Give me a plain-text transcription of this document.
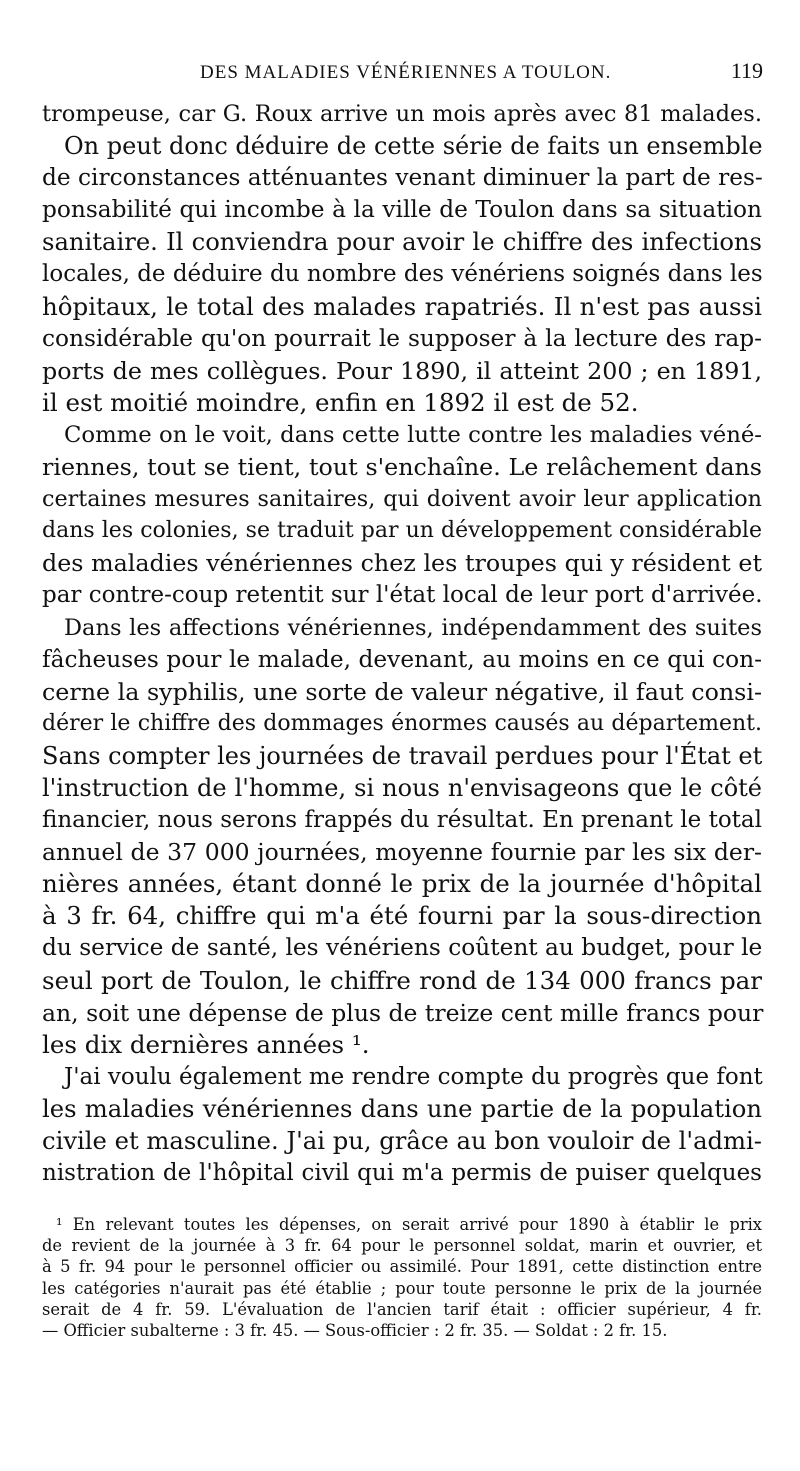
DES MALADIES VÉNÉRIENNES A TOULON.	119
trompeuse, car G. Roux arrive un mois après avec 81 malades.
On peut donc déduire de cette série de faits un ensemble
de circonstances atténuantes venant diminuer la part de res-
ponsabilité qui incombe à la ville de Toulon dans sa situation
sanitaire. Il conviendra pour avoir le chiffre des infections
locales, de déduire du nombre des vénériens soignés dans les
hôpitaux, le total des malades rapatriés. Il n'est pas aussi
considérable qu'on pourrait le supposer à la lecture des rap-
ports de mes collègues. Pour 1890, il atteint 200 ; en 1891,
il est moitié moindre, enfin en 1892 il est de 52.
Comme on le voit, dans cette lutte contre les maladies véné-
riennes, tout se tient, tout s'enchaîne. Le relâchement dans
certaines mesures sanitaires, qui doivent avoir leur application
dans les colonies, se traduit par un développement considérable
des maladies vénériennes chez les troupes qui y résident et
par contre-coup retentit sur l'état local de leur port d'arrivée.
Dans les affections vénériennes, indépendamment des suites
fâcheuses pour le malade, devenant, au moins en ce qui con-
cerne la syphilis, une sorte de valeur négative, il faut consi-
dérer le chiffre des dommages énormes causés au département.
Sans compter les journées de travail perdues pour l'État et
l'instruction de l'homme, si nous n'envisageons que le côté
financier, nous serons frappés du résultat. En prenant le total
annuel de 37 000 journées, moyenne fournie par les six der-
nières années, étant donné le prix de la journée d'hôpital
à 3 fr. 64, chiffre qui m'a été fourni par la sous-direction
du service de santé, les vénériens coûtent au budget, pour le
seul port de Toulon, le chiffre rond de 134 000 francs par
an, soit une dépense de plus de treize cent mille francs pour
les dix dernières années ¹.
J'ai voulu également me rendre compte du progrès que font
les maladies vénériennes dans une partie de la population
civile et masculine. J'ai pu, grâce au bon vouloir de l'admi-
nistration de l'hôpital civil qui m'a permis de puiser quelques
¹ En relevant toutes les dépenses, on serait arrivé pour 1890 à établir le prix
de revient de la journée à 3 fr. 64 pour le personnel soldat, marin et ouvrier, et
à 5 fr. 94 pour le personnel officier ou assimilé. Pour 1891, cette distinction entre
les catégories n'aurait pas été établie ; pour toute personne le prix de la journée
serait de 4 fr. 59. L'évaluation de l'ancien tarif était : officier supérieur, 4 fr.
— Officier subalterne : 3 fr. 45. — Sous-officier : 2 fr. 35. — Soldat : 2 fr. 15.
